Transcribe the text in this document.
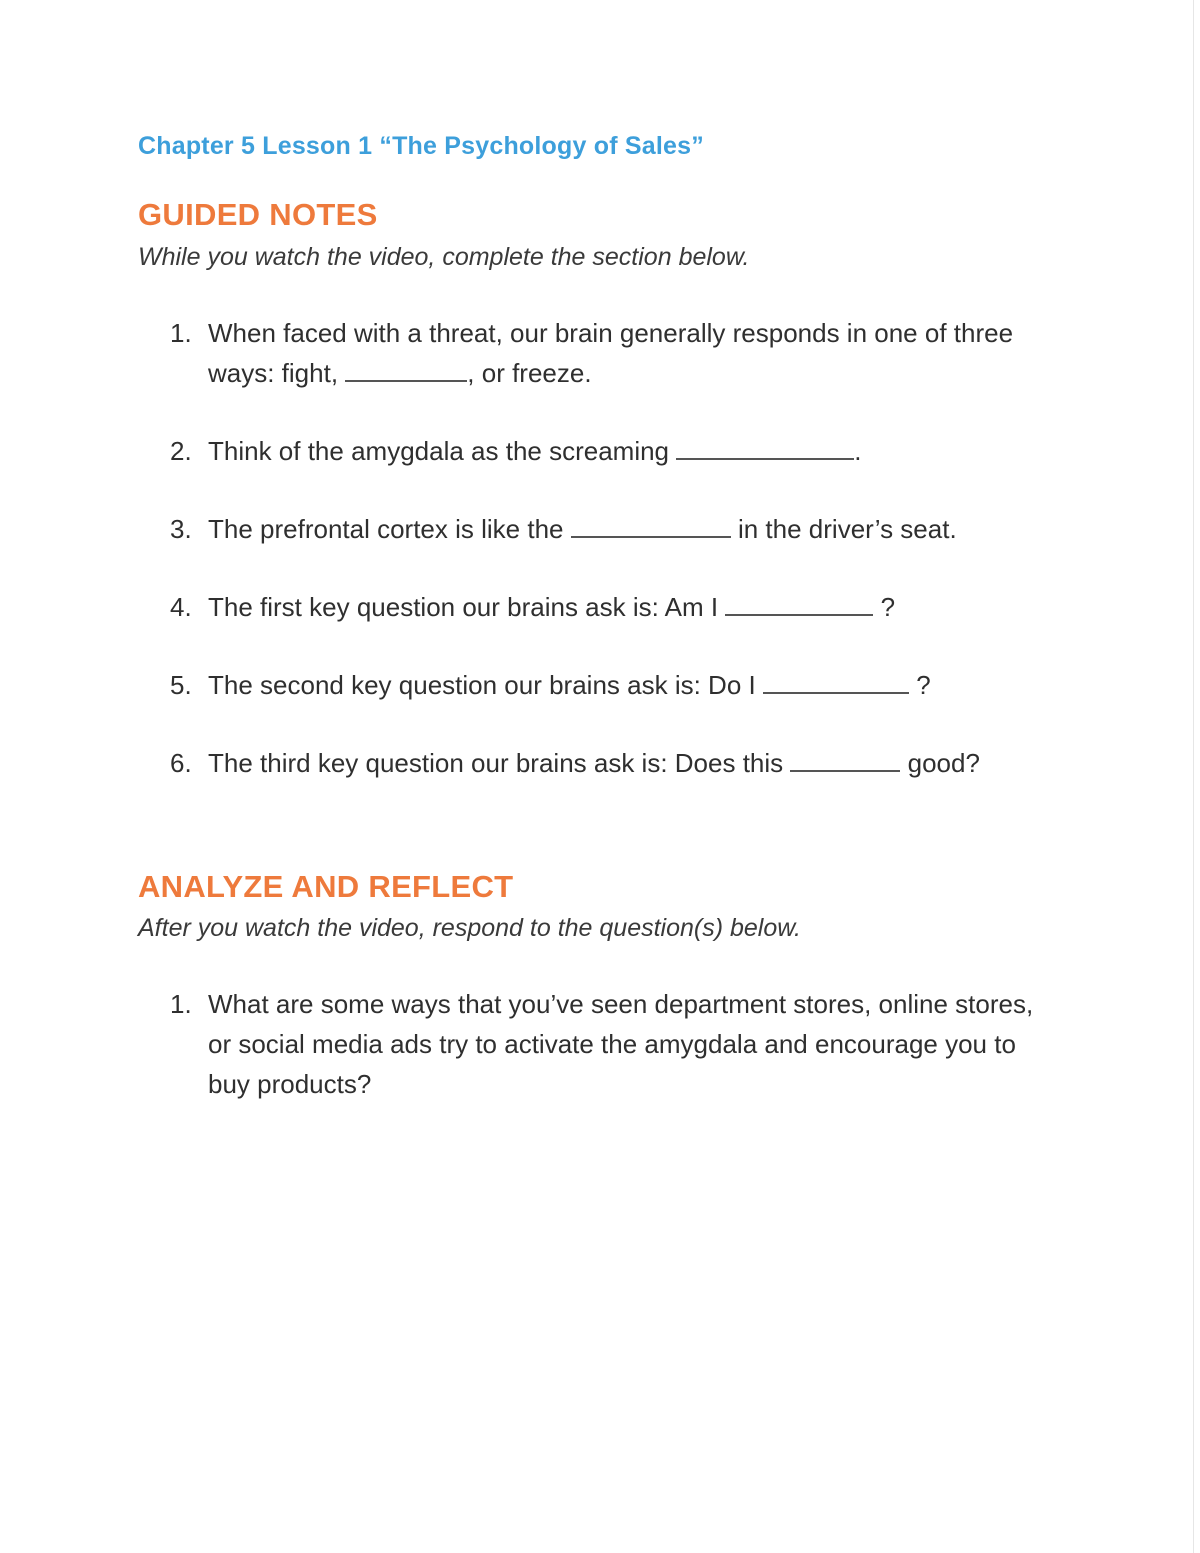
Chapter 5 Lesson 1 “The Psychology of Sales”
GUIDED NOTES
While you watch the video, complete the section below.
1. When faced with a threat, our brain generally responds in one of three ways: fight,	, or freeze.
2. Think of the amygdala as the screaming	.
3. The prefrontal cortex is like the	in the driver’s seat.
4. The first key question our brains ask is: Am I	?
5. The second key question our brains ask is: Do I	?
6. The third key question our brains ask is: Does this	good?
ANALYZE AND REFLECT
After you watch the video, respond to the question(s) below.
1. What are some ways that you’ve seen department stores, online stores, or social media ads try to activate the amygdala and encourage you to buy products?
